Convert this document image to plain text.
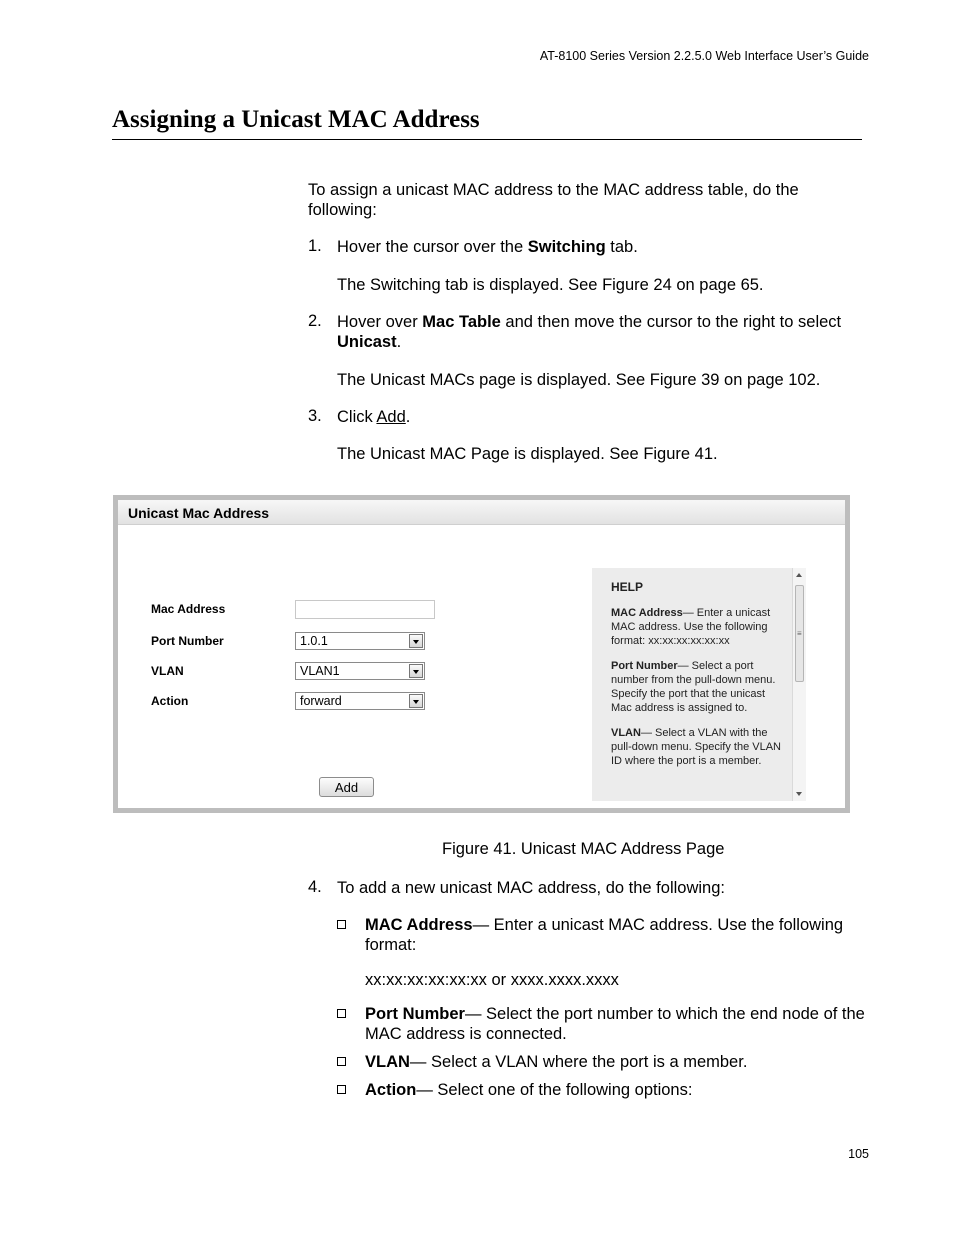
AT-8100 Series Version 2.2.5.0 Web Interface User’s Guide
Assigning a Unicast MAC Address
To assign a unicast MAC address to the MAC address table, do the following:
1. Hover the cursor over the Switching tab.
The Switching tab is displayed. See Figure 24 on page 65.
2. Hover over Mac Table and then move the cursor to the right to select Unicast.
The Unicast MACs page is displayed. See Figure 39 on page 102.
3. Click Add.
The Unicast MAC Page is displayed. See Figure 41.
Unicast Mac Address
Mac Address
Port Number	1.0.1
VLAN	VLAN1
Action	forward
Add
HELP

MAC Address— Enter a unicast MAC address. Use the following format: xx:xx:xx:xx:xx:xx

Port Number— Select a port number from the pull-down menu.
Specify the port that the unicast Mac address is assigned to.

VLAN— Select a VLAN with the pull-down menu. Specify the VLAN ID where the port is a member.

≡
Figure 41. Unicast MAC Address Page
4. To add a new unicast MAC address, do the following:
MAC Address— Enter a unicast MAC address. Use the following format:
xx:xx:xx:xx:xx:xx or xxxx.xxxx.xxxx
Port Number— Select the port number to which the end node of the MAC address is connected.
VLAN— Select a VLAN where the port is a member.
Action— Select one of the following options:
105
